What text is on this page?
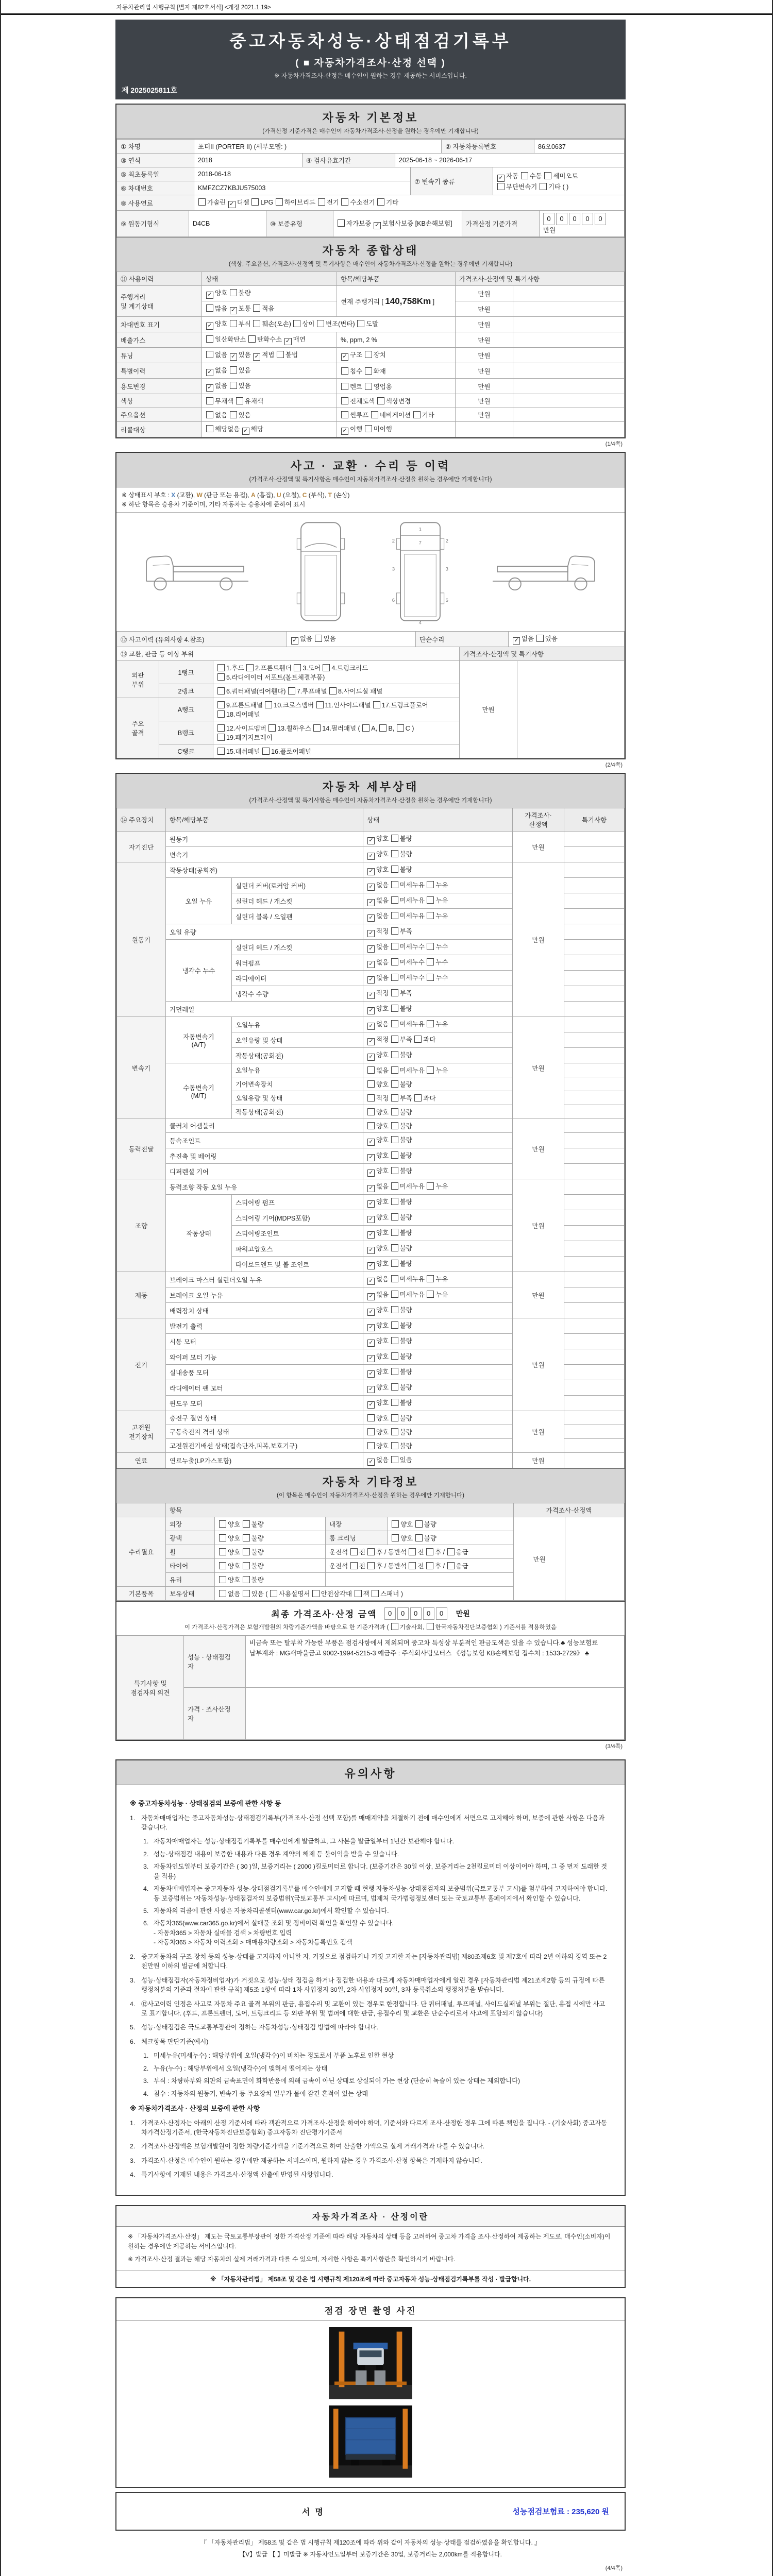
자동차관리법 시행규칙 [별지 제82호서식] <개정 2021.1.19>
중고자동차성능·상태점검기록부
( ■ 자동차가격조사·산정 선택 )
※ 자동차가격조사·산정은 매수인이 원하는 경우 제공하는 서비스입니다.
제 2025025811호
자동차 기본정보
(가격산정 기준가격은 매수인이 자동차가격조사·산정을 원하는 경우에만 기재합니다)
① 차명	포터II (PORTER II) (세부모델: )	② 자동차등록번호	86오0637
③ 연식	2018	④ 검사유효기간	2025-06-18 ~ 2026-06-17
⑤ 최초등록일	2018-06-18	⑦ 변속기 종류	
✓자동 수동 세미오토
무단변속기 기타 ( )

⑥ 차대번호	KMFZCZ7KBJU575003		
⑧ 사용연료	가솔린 ✓디젤 LPG 하이브리드 전기 수소전기 기타
⑨ 원동기형식	D4CB	⑩ 보증유형	자가보증 ✓보험사보증 [KB손해보험]	가격산정 기준가격	0 0 0 0 0 만원
자동차 종합상태
(색상, 주요옵션, 가격조사·산정액 및 특기사항은 매수인이 자동차가격조사·산정을 원하는 경우에만 기재합니다)
⑪ 사용이력	상태	항목/해당부품	가격조사·산정액 및 특기사항	
주행거리
및 계기상태	✓양호 불량	현재 주행거리 [ 140,758Km ]	만원	
	많음 ✓보통 적음		만원	
차대번호 표기	✓양호 부식 훼손(오손) 상이 변조(변타) 도말		만원	
배출가스	일산화탄소 탄화수소 ✓매연	%, ppm, 2 %	만원	
튜닝	없음 ✓있음 ✓적법 불법	✓구조 장치	만원	
특별이력	✓없음 있음	침수 화재	만원	
용도변경	✓없음 있음	렌트 영업용	만원	
색상	무채색 유채색	전체도색 색상변경	만원	
주요옵션	없음 있음	썬루프 네비게이션 기타	만원	
리콜대상	해당없음 ✓해당	✓이행 미이행		
(1/4쪽)
사고 · 교환 · 수리 등 이력
(가격조사·산정액 및 특기사항은 매수인이 자동차가격조사·산정을 원하는 경우에만 기재합니다)
※ 상태표시 부호 : X (교환), W (판금 또는 용접), A (흠집), U (요철), C (부식), T (손상)
※ 하단 항목은 승용차 기준이며, 기타 자동차는 승용차에 준하여 표시
1
7
2	2
3	3
6	6
4
⑫ 사고이력 (유의사항 4.참조)	✓없음 있음	단순수리	✓없음 있음
⑬ 교환, 판금 등 이상 부위			가격조사·산정액 및 특기사항	
외판
부위	1랭크	1.후드 2.프론트휀더 3.도어 4.트렁크리드
5.라디에이터 서포트(볼트체결부품)	만원	
	2랭크	6.쿼터패널(리어휀다) 7.루프패널 8.사이드실 패널		
주요
골격	A랭크	9.프론트패널 10.크로스멤버 11.인사이드패널 17.트렁크플로어
18.리어패널		
	B랭크	12.사이드멤버 13.휠하우스 14.필러패널 ( A, B, C )
19.패키지트레이		
	C랭크	15.대쉬패널 16.플로어패널		
(2/4쪽)
자동차 세부상태
(가격조사·산정액 및 특기사항은 매수인이 자동차가격조사·산정을 원하는 경우에만 기재합니다)
⑭ 주요장치	항목/해당부품		상태	가격조사·산정액	특기사항
자기진단	원동기	✓양호 불량	만원	
	변속기	✓양호 불량	
원동기	작동상태(공회전)	✓양호 불량	만원	
	오일 누유	실린더 커버(로커암 커버)	✓없음 미세누유 누유	
		실린더 헤드 / 개스킷	✓없음 미세누유 누유	
		실린더 블록 / 오일팬	✓없음 미세누유 누유	
	오일 유량	✓적정 부족	
	냉각수 누수	실린더 헤드 / 개스킷	✓없음 미세누수 누수	
		워터펌프	✓없음 미세누수 누수	
		라디에이터	✓없음 미세누수 누수	
		냉각수 수량	✓적정 부족	
	커먼레일	✓양호 불량	
변속기	자동변속기
(A/T)	오일누유	✓없음 미세누유 누유	만원	
		오일유량 및 상태	✓적정 부족 과다	
		작동상태(공회전)	✓양호 불량	
	수동변속기
(M/T)	오일누유	없음 미세누유 누유		
		기어변속장치	양호 불량		
		오일유량 및 상태	적정 부족 과다		
		작동상태(공회전)	양호 불량		
동력전달	클러치 어셈블리		양호 불량	만원	
	등속조인트	✓양호 불량	
	추진축 및 베어링	✓양호 불량	
	디퍼렌셜 기어	✓양호 불량	
조향	동력조향 작동 오일 누유	✓없음 미세누유 누유	만원	
	작동상태	스티어링 펌프	✓양호 불량	
		스티어링 기어(MDPS포함)	✓양호 불량	
		스티어링조인트	✓양호 불량	
		파워고압호스	✓양호 불량	
		타이로드엔드 및 볼 조인트	✓양호 불량	
제동	브레이크 마스터 실린더오일 누유	✓없음 미세누유 누유	만원	
	브레이크 오일 누유	✓없음 미세누유 누유	
	배력장치 상태	✓양호 불량	
전기	발전기 출력	✓양호 불량	만원	
	시동 모터	✓양호 불량	
	와이퍼 모터 기능	✓양호 불량	
	실내송풍 모터	✓양호 불량	
	라디에이터 팬 모터	✓양호 불량	
	윈도우 모터	✓양호 불량	
고전원
전기장치	충전구 절연 상태		양호 불량	만원	
	구동축전지 격리 상태		양호 불량		
	고전원전기배선 상태(접속단자,피복,보호기구)		양호 불량		
연료	연료누출(LP가스포함)	✓없음 있음	만원	
자동차 기타정보
(이 항목은 매수인이 자동차가격조사·산정을 원하는 경우에만 기재합니다)
	항목				가격조사·산정액	
수리필요	외장	양호 불량	내장	양호 불량	만원	
	광택	양호 불량	룸 크리닝	양호 불량		
	휠	양호 불량	운전석 전 후 / 동반석 전 후 / 응급			
	타이어	양호 불량	운전석 전 후 / 동반석 전 후 / 응급			
	유리	양호 불량				
기본품목	보유상태	없음 있음 ( 사용설명서 안전삼각대 잭 스패너 )				
최종 가격조사·산정 금액	0 0 0 0 0	만원
이 가격조사·산정가격은 보험개발원의 차량기준가액을 바탕으로 한 기준가격과 ( 기술사회, 한국자동차진단보증협회 ) 기준서를 적용하였음
특기사항 및
점검자의 의견	성능 · 상태점검
자	비금속 또는 탈부착 가능한 부품은 점검사항에서 제외되며 중고차 특성상 부분적인 판금도색은 있을 수 있습니다.♣ 성능보험료 납부계좌 : MG새마을금고 9002-1994-5215-3 예금주 : 주식회사팀모터스 《성능보험 KB손해보험 접수처 : 1533-2729》 ♣
	가격 · 조사산정
자	
(3/4쪽)
유의사항
※ 중고자동차성능 · 상태점검의 보증에 관한 사항 등
1. 자동차매매업자는 중고자동차성능·상태점검기록부(가격조사·산정 선택 포함)를 매매계약을 체결하기 전에 매수인에게 서면으로 고지해야 하며, 보증에 관한 사항은 다음과 같습니다.
1. 자동차매매업자는 성능·상태점검기록부를 매수인에게 발급하고, 그 사본을 발급일부터 1년간 보관해야 합니다.
2. 성능·상태점검 내용이 보증한 내용과 다른 경우 계약의 해제 등 불이익을 받을 수 있습니다.
3. 자동차인도일부터 보증기간은 ( 30 )일, 보증거리는 ( 2000 )킬로미터로 합니다. (보증기간은 30일 이상, 보증거리는 2천킬로미터 이상이어야 하며, 그 중 먼저 도래한 것을 적용)
4. 자동차매매업자는 중고자동차 성능·상태점검기록부를 매수인에게 고지할 때 현행 자동차성능·상태점검자의 보증범위(국토교통부 고시)를 첨부하여 고지하여야 합니다. 동 보증범위는 '자동차성능·상태점검자의 보증범위'(국토교통부 고시)에 따르며, 법제처 국가법령정보센터 또는 국토교통부 홈페이지에서 확인할 수 있습니다.
5. 자동차의 리콜에 관한 사항은 자동차리콜센터(www.car.go.kr)에서 확인할 수 있습니다.
6. 자동차365(www.car365.go.kr)에서 실매물 조회 및 정비이력 확인을 확인할 수 있습니다.
- 자동차365 > 자동차 실매물 검색 > 차량번호 입력
- 자동차365 > 자동차 이력조회 > 매매용차량조회 > 자동차등록번호 검색
2. 중고자동차의 구조·장치 등의 성능·상태를 고지하지 아니한 자, 거짓으로 점검하거나 거짓 고지한 자는 [자동차관리법] 제80조제6호 및 제7호에 따라 2년 이하의 징역 또는 2천만원 이하의 벌금에 처합니다.
3. 성능·상태점검자(자동차정비업자)가 거짓으로 성능·상태 점검을 하거나 점검한 내용과 다르게 자동차매매업자에게 알린 경우 [자동차관리법 제21조제2항 등의 규정에 따른 행정처분의 기준과 절차에 관한 규칙] 제5조 1항에 따라 1차 사업정지 30일, 2차 사업정지 90일, 3차 등록취소의 행정처분을 받습니다.
4. ⑫사고이력 인정은 사고로 자동차 주요 골격 부위의 판금, 용접수리 및 교환이 있는 경우로 한정합니다. 단 쿼터패널, 루프패널, 사이드실패널 부위는 절단, 용접 시에만 사고로 표기합니다. (후드, 프론트펜더, 도어, 트렁크리드 등 외판 부위 및 범퍼에 대한 판금, 용접수리 및 교환은 단순수리로서 사고에 포함되지 않습니다)
5. 성능·상태점검은 국토교통부장관이 정하는 자동차성능·상태점검 방법에 따라야 합니다.
6. 체크항목 판단기준(예시)
1. 미세누유(미세누수) : 해당부위에 오일(냉각수)이 비치는 정도로서 부품 노후로 인한 현상
2. 누유(누수) : 해당부위에서 오일(냉각수)이 맺혀서 떨어지는 상태
3. 부식 : 차량하부와 외판의 금속표면이 화학반응에 의해 금속이 아닌 상태로 상실되어 가는 현상 (단순히 녹슬어 있는 상태는 제외합니다)
4. 침수 : 자동차의 원동기, 변속기 등 주요장치 일부가 물에 잠긴 흔적이 있는 상태
※ 자동차가격조사 · 산정의 보증에 관한 사항
1. 가격조사·산정자는 아래의 산정 기준서에 따라 객관적으로 가격조사·산정을 하여야 하며, 기준서와 다르게 조사·산정한 경우 그에 따른 책임을 집니다. - (기술사회) 중고자동차가격산정기준서, (한국자동차진단보증협회) 중고자동차 진단평가기준서
2. 가격조사·산정액은 보험개발원이 정한 차량기준가액을 기준가격으로 하여 산출한 가액으로 실제 거래가격과 다를 수 있습니다.
3. 가격조사·산정은 매수인이 원하는 경우에만 제공하는 서비스이며, 원하지 않는 경우 가격조사·산정 항목은 기재하지 않습니다.
4. 특기사항에 기재된 내용은 가격조사·산정액 산출에 반영된 사항입니다.
자동차가격조사 · 산정이란
※ 「자동차가격조사·산정」 제도는 국토교통부장관이 정한 가격산정 기준에 따라 해당 자동차의 상태 등을 고려하여 중고차 가격을 조사·산정하여 제공하는 제도로, 매수인(소비자)이 원하는 경우에만 제공하는 서비스입니다.
※ 가격조사·산정 결과는 해당 자동차의 실제 거래가격과 다를 수 있으며, 자세한 사항은 특기사항란을 확인하시기 바랍니다.
※ 「자동차관리법」 제58조 및 같은 법 시행규칙 제120조에 따라 중고자동차 성능·상태점검기록부를 작성 · 발급합니다.
점검 장면 촬영 사진
서명	성능점검보험료 : 235,620 원
『 「자동차관리법」 제58조 및 같은 법 시행규칙 제120조에 따라 위와 같이 자동차의 성능·상태를 점검하였음을 확인합니다. 』
【V】발급 【 】미발급 ※ 자동차인도일부터 보증기간은 30일, 보증거리는 2,000km를 적용합니다.
(4/4쪽)
